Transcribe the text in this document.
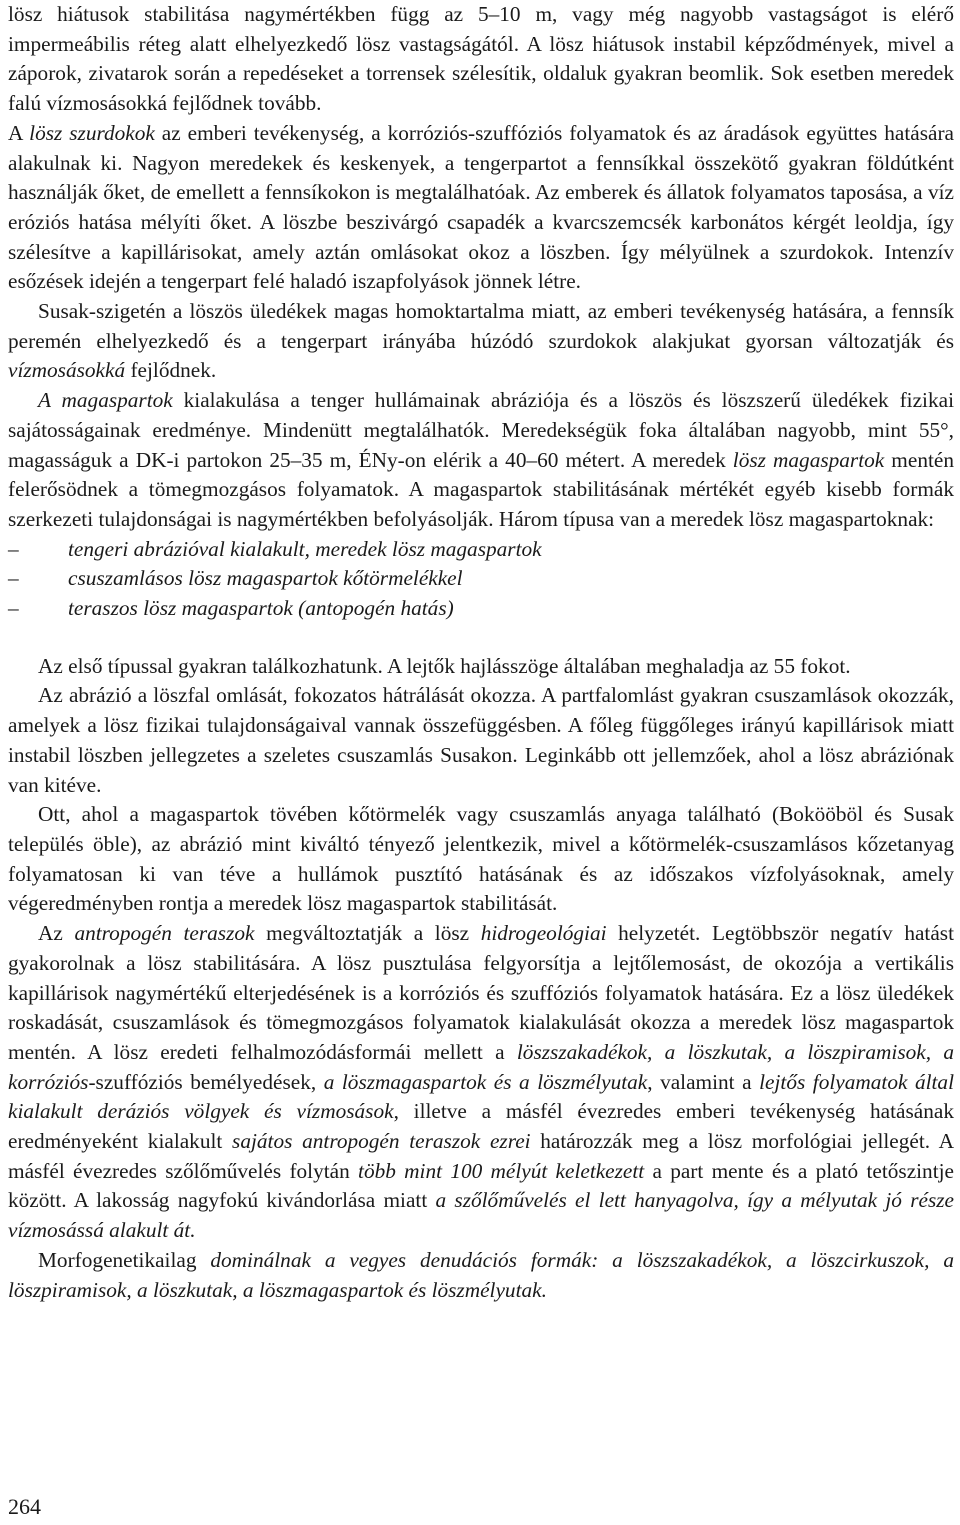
lösz hiátusok stabilitása nagymértékben függ az 5–10 m, vagy még nagyobb vastagságot is elérő impermeábilis réteg alatt elhelyezkedő lösz vastagságától. A lösz hiátusok instabil képződmények, mivel a záporok, zivatarok során a repedéseket a torrensek szélesítik, oldaluk gyakran beomlik. Sok esetben meredek falú vízmosásokká fejlődnek tovább.

A lösz szurdokok az emberi tevékenység, a korróziós-szuffóziós folyamatok és az áradások együttes hatására alakulnak ki. Nagyon meredekek és keskenyek, a tengerpartot a fennsíkkal összekötő gyakran földútként használják őket, de emellett a fennsíkokon is megtalálhatóak. Az emberek és állatok folyamatos taposása, a víz eróziós hatása mélyíti őket. A löszbe beszivárgó csapadék a kvarcszemcsék karbonátos kérgét leoldja, így szélesítve a kapillárisokat, amely aztán omlásokat okoz a löszben. Így mélyülnek a szurdokok. Intenzív esőzések idején a tengerpart felé haladó iszapfolyások jönnek létre.

Susak-szigetén a löszös üledékek magas homoktartalma miatt, az emberi tevékenység hatására, a fennsík peremén elhelyezkedő és a tengerpart irányába húzódó szurdokok alakjukat gyorsan változatják és vízmosásokká fejlődnek.

A magaspartok kialakulása a tenger hullámainak abráziója és a löszös és löszszerű üledékek fizikai sajátosságainak eredménye. Mindenütt megtalálhatók. Meredekségük foka általában nagyobb, mint 55°, magasságuk a DK-i partokon 25–35 m, ÉNy-on elérik a 40–60 métert. A meredek lösz magaspartok mentén felerősödnek a tömegmozgásos folyamatok. A magaspartok stabilitásának mértékét egyéb kisebb formák szerkezeti tulajdonságai is nagymértékben befolyásolják. Három típusa van a meredek lösz magaspartoknak:

–	tengeri abrázióval kialakult, meredek lösz magaspartok
–	csuszamlásos lösz magaspartok kőtörmelékkel
–	teraszos lösz magaspartok (antopogén hatás)

Az első típussal gyakran találkozhatunk. A lejtők hajlásszöge általában meghaladja az 55 fokot.

Az abrázió a löszfal omlását, fokozatos hátrálását okozza. A partfalomlást gyakran csuszamlások okozzák, amelyek a lösz fizikai tulajdonságaival vannak összefüggésben. A főleg függőleges irányú kapillárisok miatt instabil löszben jellegzetes a szeletes csuszamlás Susakon. Leginkább ott jellemzőek, ahol a lösz abráziónak van kitéve.

Ott, ahol a magaspartok tövében kőtörmelék vagy csuszamlás anyaga található (Bokööböl és Susak település öble), az abrázió mint kiváltó tényező jelentkezik, mivel a kőtörmelék-csuszamlásos kőzetanyag folyamatosan ki van téve a hullámok pusztító hatásának és az időszakos vízfolyásoknak, amely végeredményben rontja a meredek lösz magaspartok stabilitását.

Az antropogén teraszok megváltoztatják a lösz hidrogeológiai helyzetét. Legtöbbször negatív hatást gyakorolnak a lösz stabilitására. A lösz pusztulása felgyorsítja a lejtőlemosást, de okozója a vertikális kapillárisok nagymértékű elterjedésének is a korróziós és szuffóziós folyamatok hatására. Ez a lösz üledékek roskadását, csuszamlások és tömegmozgásos folyamatok kialakulását okozza a meredek lösz magaspartok mentén. A lösz eredeti felhalmozódásformái mellett a löszszakadékok, a löszkutak, a löszpiramisok, a korróziós-szuffóziós bemélyedések, a löszmagaspartok és a löszmélyutak, valamint a lejtős folyamatok által kialakult deráziós völgyek és vízmosások, illetve a másfél évezredes emberi tevékenység hatásának eredményeként kialakult sajátos antropogén teraszok ezrei határozzák meg a lösz morfológiai jellegét. A másfél évezredes szőlőművelés folytán több mint 100 mélyút keletkezett a part mente és a plató tetőszintje között. A lakosság nagyfokú kivándorlása miatt a szőlőművelés el lett hanyagolva, így a mélyutak jó része vízmosássá alakult át.

Morfogenetikailag dominálnak a vegyes denudációs formák: a löszszakadékok, a löszcirkuszok, a löszpiramisok, a löszkutak, a löszmagaspartok és löszmélyutak.

264
